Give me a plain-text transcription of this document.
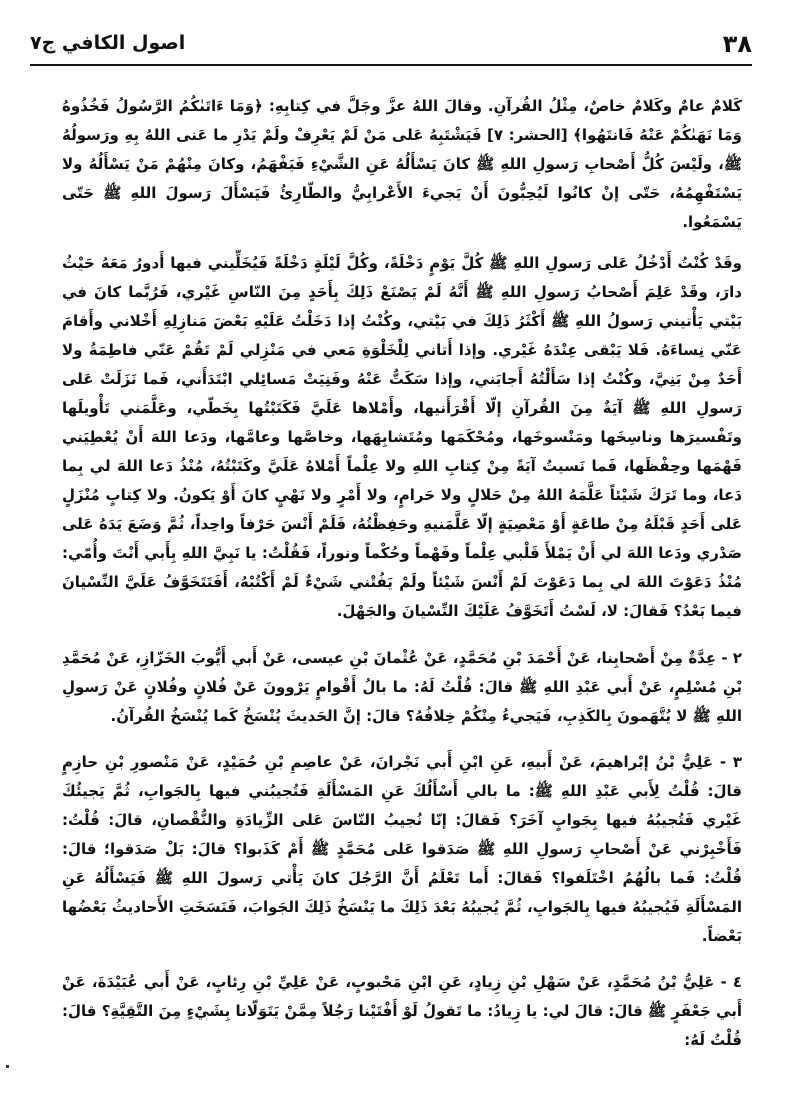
٣٨
اصول الكافي ج٧

كَلامٌ عامٌ وكَلامٌ خاصٌ، مِثْلُ القُرآنِ. وقالَ اللهُ عزَّ وجَلَّ في كِتابِهِ: ﴿وَمَا ءَاتَىٰكُمُ الرَّسُولُ فَخُذُوهُ وَمَا نَهَىٰكُمْ عَنْهُ فَانتَهُوا﴾ [الحشر: ٧] فَيَشْتَبِهُ عَلى مَنْ لَمْ يَعْرِفْ ولَمْ يَدْرِ ما عَنى اللهُ بِهِ ورَسولُهُ ﷺ، ولَيْسَ كُلُّ أَصْحابِ رَسولِ اللهِ ﷺ كانَ يَسْأَلُهُ عَنِ الشَّيْءِ فَيَفْهَمُ، وكانَ مِنْهُمْ مَنْ يَسْأَلُهُ ولا يَسْتَفْهِمُهُ، حَتّى إنْ كانُوا لَيُحِبُّونَ أَنْ يَجيءَ الأَعْرابِيُّ والطّارِئُ فَيَسْأَلَ رَسولَ اللهِ ﷺ حَتّى يَسْمَعُوا.

وقَدْ كُنْتُ أَدْخُلُ عَلى رَسولِ اللهِ ﷺ كُلَّ يَوْمٍ دَخْلَةً، وكُلَّ لَيْلَةٍ دَخْلَةً فَيُخَلِّيني فيها أَدورُ مَعَهُ حَيْثُ دارَ، وقَدْ عَلِمَ أَصْحابُ رَسولِ اللهِ ﷺ أَنَّهُ لَمْ يَصْنَعْ ذَلِكَ بِأَحَدٍ مِنَ النّاسِ غَيْري، فَرُبَّما كانَ في بَيْتي يَأْتيني رَسولُ اللهِ ﷺ أَكْثَرُ ذَلِكَ في بَيْتي، وكُنْتُ إذا دَخَلْتُ عَلَيْهِ بَعْضَ مَنازِلِهِ أَخْلاني وأَقامَ عَنّي نِساءَهُ. فَلا يَبْقى عِنْدَهُ غَيْري. وإذا أَتاني لِلْخَلْوَةِ مَعي في مَنْزِلي لَمْ تَقُمْ عَنّي فاطِمَةُ ولا أَحَدٌ مِنْ بَنِيَّ، وكُنْتُ إذا سَأَلْتُهُ أَجابَني، وإذا سَكَتُّ عَنْهُ وفَنِيَتْ مَسائِلي ابْتَدَأَني، فَما نَزَلَتْ عَلى رَسولِ اللهِ ﷺ آيَةٌ مِنَ القُرآنِ إلّا أَقْرَأَنيها، وأَمْلاها عَلَيَّ فَكَتَبْتُها بِخَطّي، وعَلَّمَني تَأْويلَها وتَفْسيرَها وناسِخَها ومَنْسوخَها، ومُحْكَمَها ومُتَشابِهَها، وخاصَّها وعامَّها، ودَعا اللهَ أَنْ يُعْطِيَني فَهْمَها وحِفْظَها، فَما نَسيتُ آيَةً مِنْ كِتابِ اللهِ ولا عِلْماً أَمْلاهُ عَلَيَّ وكَتَبْتُهُ، مُنْذُ دَعا اللهَ لي بِما دَعا، وما تَرَكَ شَيْئاً عَلَّمَهُ اللهُ مِنْ حَلالٍ ولا حَرامٍ، ولا أَمْرٍ ولا نَهْيٍ كانَ أَوْ يَكونُ. ولا كِتابٍ مُنْزَلٍ عَلى أَحَدٍ قَبْلَهُ مِنْ طاعَةٍ أَوْ مَعْصِيَةٍ إلّا عَلَّمَنيهِ وحَفِظْتُهُ، فَلَمْ أَنْسَ حَرْفاً واحِداً، ثُمَّ وَضَعَ يَدَهُ عَلى صَدْري ودَعا اللهَ لي أَنْ يَمْلأَ قَلْبي عِلْماً وفَهْماً وحُكْماً ونوراً، فَقُلْتُ: يا نَبِيَّ اللهِ بِأَبي أَنْتَ وأُمّي: مُنْذُ دَعَوْتَ اللهَ لي بِما دَعَوْتَ لَمْ أَنْسَ شَيْئاً ولَمْ يَفُتْني شَيْءٌ لَمْ أَكْتُبْهُ، أَفَتَتَخَوَّفُ عَلَيَّ النِّسْيانَ فيما بَعْدُ؟ فَقالَ: لا، لَسْتُ أَتَخَوَّفُ عَلَيْكَ النِّسْيانَ والجَهْلَ.

٢ - عِدَّةٌ مِنْ أَصْحابِنا، عَنْ أَحْمَدَ بْنِ مُحَمَّدٍ، عَنْ عُثْمانَ بْنِ عيسى، عَنْ أَبي أَيُّوبَ الخَزّازِ، عَنْ مُحَمَّدِ بْنِ مُسْلِمٍ، عَنْ أَبي عَبْدِ اللهِ ﷺ قالَ: قُلْتُ لَهُ: ما بالُ أَقْوامٍ يَرْوونَ عَنْ فُلانٍ وفُلانٍ عَنْ رَسولِ اللهِ ﷺ لا يُتَّهَمونَ بِالكَذِبِ، فَيَجيءُ مِنْكُمْ خِلافُهُ؟ قالَ: إنَّ الحَديثَ يُنْسَخُ كَما يُنْسَخُ القُرآنُ.

٣ - عَلِيُّ بْنُ إبْراهيمَ، عَنْ أَبيهِ، عَنِ ابْنِ أَبي نَجْرانَ، عَنْ عاصِمِ بْنِ حُمَيْدٍ، عَنْ مَنْصورِ بْنِ حازِمٍ قالَ: قُلْتُ لِأَبي عَبْدِ اللهِ ﷺ: ما بالي أَسْأَلُكَ عَنِ المَسْأَلَةِ فَتُجيبُني فيها بِالجَوابِ، ثُمَّ يَجيئُكَ غَيْري فَتُجيبُهُ فيها بِجَوابٍ آخَرَ؟ فَقالَ: إنّا نُجيبُ النّاسَ عَلى الزِّيادَةِ والنُّقْصانِ، قالَ: قُلْتُ: فَأَخْبِرْني عَنْ أَصْحابِ رَسولِ اللهِ ﷺ صَدَقوا عَلى مُحَمَّدٍ ﷺ أَمْ كَذَبوا؟ قالَ: بَلْ صَدَقوا؛ قالَ: قُلْتُ: فَما بالُهُمُ اخْتَلَفوا؟ فَقالَ: أَما تَعْلَمُ أَنَّ الرَّجُلَ كانَ يَأْتي رَسولَ اللهِ ﷺ فَيَسْأَلُهُ عَنِ المَسْأَلَةِ فَيُجيبُهُ فيها بِالجَوابِ، ثُمَّ يُجيبُهُ بَعْدَ ذَلِكَ ما يَنْسَخُ ذَلِكَ الجَوابَ، فَنَسَخَتِ الأَحاديثُ بَعْضُها بَعْضاً.

٤ - عَلِيُّ بْنُ مُحَمَّدٍ، عَنْ سَهْلِ بْنِ زِيادٍ، عَنِ ابْنِ مَحْبوبٍ، عَنْ عَلِيِّ بْنِ رِئابٍ، عَنْ أَبي عُبَيْدَةَ، عَنْ أَبي جَعْفَرٍ ﷺ قالَ: قالَ لي: يا زِيادُ: ما تَقولُ لَوْ أَفْتَيْنا رَجُلاً مِمَّنْ يَتَوَلّانا بِشَيْءٍ مِنَ التَّقِيَّةِ؟ قالَ: قُلْتُ لَهُ:
